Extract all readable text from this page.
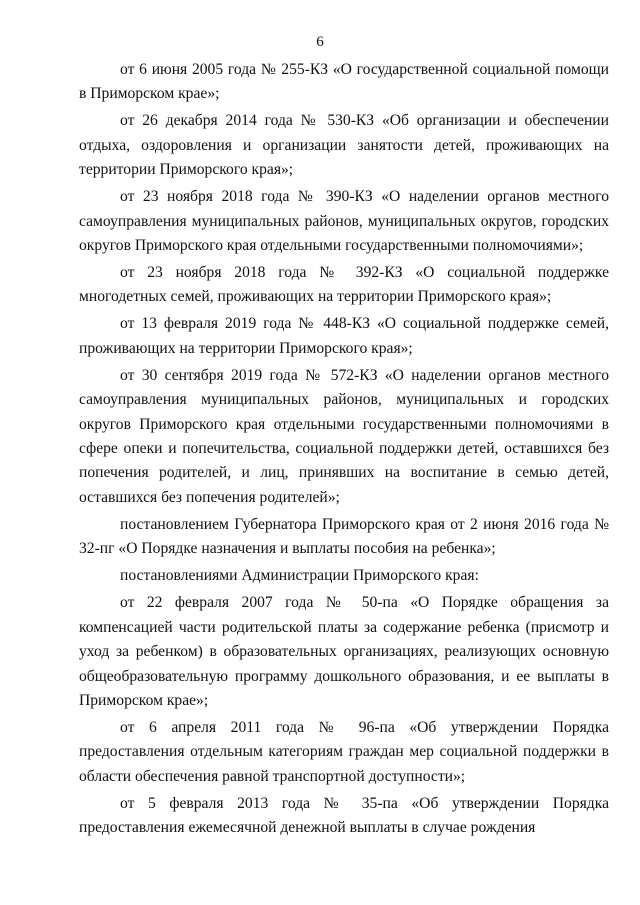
6

от 6 июня 2005 года № 255-КЗ «О государственной социальной помощи в Приморском крае»;

от 26 декабря 2014 года № 530-КЗ «Об организации и обеспечении отдыха, оздоровления и организации занятости детей, проживающих на территории Приморского края»;

от 23 ноября 2018 года № 390-КЗ «О наделении органов местного самоуправления муниципальных районов, муниципальных округов, городских округов Приморского края отдельными государственными полномочиями»;

от 23 ноября 2018 года № 392-КЗ «О социальной поддержке многодетных семей, проживающих на территории Приморского края»;

от 13 февраля 2019 года № 448-КЗ «О социальной поддержке семей, проживающих на территории Приморского края»;

от 30 сентября 2019 года № 572-КЗ «О наделении органов местного самоуправления муниципальных районов, муниципальных и городских округов Приморского края отдельными государственными полномочиями в сфере опеки и попечительства, социальной поддержки детей, оставшихся без попечения родителей, и лиц, принявших на воспитание в семью детей, оставшихся без попечения родителей»;

постановлением Губернатора Приморского края от 2 июня 2016 года № 32-пг «О Порядке назначения и выплаты пособия на ребенка»;

постановлениями Администрации Приморского края:

от 22 февраля 2007 года № 50-па «О Порядке обращения за компенсацией части родительской платы за содержание ребенка (присмотр и уход за ребенком) в образовательных организациях, реализующих основную общеобразовательную программу дошкольного образования, и ее выплаты в Приморском крае»;

от 6 апреля 2011 года № 96-па «Об утверждении Порядка предоставления отдельным категориям граждан мер социальной поддержки в области обеспечения равной транспортной доступности»;

от 5 февраля 2013 года № 35-па «Об утверждении Порядка предоставления ежемесячной денежной выплаты в случае рождения
